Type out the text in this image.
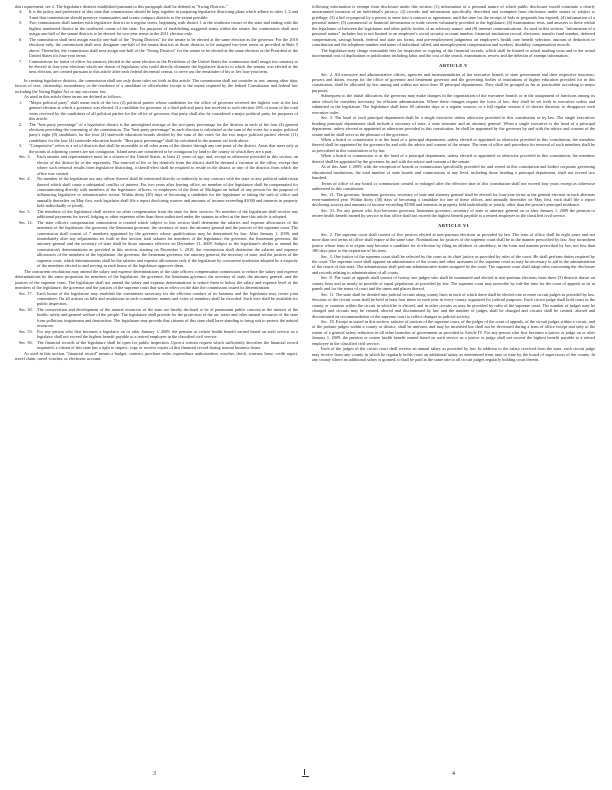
this requirement, see 2. The legislature districts established pursuant to this paragraph shall be defined as "Swing Districts."

4. It is the policy and preference of this state that commissions should be kept together in preparing legislative districting plans which adhere to rules 1, 2 and 3 and that commissions should preserve communities and create compact districts to the extent possible.

5. Two commissions shall number each legislative district in a regular series, beginning with district 1 at the southeast corner of the state and ending with the highest numbered district in the northwest corner of the state. For purposes of establishing staggered terms within the senate, the commission shall next assign one-half of the senate districts to be elected for two-year terms in the 2011 election only.

6. The commission shall next assign exactly one-half of the "Swing Districts" for the senate to be elected at the same election as the governor. For the 2010 elections only, the commission shall next designate one-half of the senate districts as those districts to be assigned two-year terms as provided in Rule 5 above. Thereafter, the commission shall next assign one-half of the "Swing Districts" for the senate to be elected at the same election as the President of the United States for four-year terms.

7. Commissions for terms of office for senators elected at the same election as the Presidents of the United States the commission shall assign two senators to be elected in four-year elections which are drawn of legislators who could directly eliminate the legislative district to which the senator was elected at the next election, are created pursuant to this article after each federal decennial census, to serve out the remainder of his or her four-year term.

In creating legislative districts, the commission shall use only those rules set forth in this article. The commission shall not consider or use, among other data, factors of race, citizenship, incumbency or the residence of a candidate or officeholder except to the extent required by the federal Constitution and federal law including the Voting Rights Act or any successor law.

As used in this article these terms are defined as follows:

1. "Major political party" shall mean each of the two (2) political parties whose candidates for the office of governor received the highest vote at the last general election at which a governor was elected. If a candidate for governor of a third political party has received at such election 20% or more of the total votes received by the candidates of all political parties for the office of governor, that party shall also be considered a major political party for purposes of this article.

2. The "best party percentage" of a legislative district is the unweighted average of the two-party percentage for the districts in each of the four (4) general elections preceding the convening of the commission. The "best party percentage" in each election is calculated as the sum of the votes for a major political party's eight (8) candidates for the four (4) statewide education boards divided by the sum of the votes for the two major political parties' eleven (11) candidates for the four (4) statewide education boards. "Best party percentage" shall be calculated in the manner set forth above.

3. "Competitive" refers to a set of districts that shall be accessible to all other areas of the district through any one point of the district. Areas that meet only at the points of adjoining corners are not contiguous. Island areas are considered to be contiguous by land to the county of which they are a part.

Sec. 3. Each senator and representative must be a citizen of the United States, at least 21 years of age, and, except as otherwise provided in this section, an elector of the district he or she represents. The removal of his or her domicile from the district shall be deemed a vacation of the office, except that where such removal results from legislative districting, a sheriff-elect shall be required to reside in the district or any of the districts from which the office was created.

Sec. 4. No member of the legislature nor any officer thereof shall be interested directly or indirectly in any contract with the state or any political subdivision thereof which shall cause a substantial conflict of interest. For two years after leaving office, no member of the legislature shall be compensated for communicating directly with members of the legislature, officers, or employees of the State of Michigan on behalf of any person for the purpose of influencing legislative or administrative action. Within thirty (30) days of becoming a candidate for the legislature or taking the oath of office and annually thereafter on May first, each legislator shall file a report disclosing sources and amounts of income exceeding $1000 and interests in property held individually or jointly.

Sec. 5. The members of the legislature shall receive no other compensation from the state for their services. No member of the legislature shall receive any additional payments for travel, lodging or other expenses other than those authorized under the statutes in effect at the time this article is adopted.

Sec. 12. The state officers compensation commission is created which subject to this section shall determine the salaries and expense allowances of the members of the legislature, the governor, the lieutenant governor, the secretary of state, the attorney general and the justices of the supreme court. The commission shall consist of 7 members appointed by the governor whose qualifications may be determined by law. After January 1, 2009, and immediately after any adjustments set forth in this section, total salaries for members of the legislature, the governor, the lieutenant governor, the attorney general and the secretary of state shall be those amounts effective on December 31, 2009. Subject to the legislature's ability to amend the commission's determinations as provided in this section, starting on December 1, 2010, the commission shall determine the salaries and expense allowances of the members of the legislature, the governor, the lieutenant governor, the attorney general, the secretary of state, and the justices of the supreme court, which determinations shall be the salaries and expense allowances only if the legislature by concurrent resolution adopted by a majority of the members elected to and serving in each house of the legislature approves them.

The concurrent resolutions may amend the salary and expense determinations of the state officers compensation commission to reduce the salary and expense determinations by the same proportion for members of the legislature, the governor, the lieutenant governor, the secretary of state, the attorney general, and the justices of the supreme court. The legislature shall not amend the salary and expense determinations to reduce them to below the salary and expense level of the members of the legislature, the governor and the justices of the supreme court that was in effect on the date the commission issued its determination.

Sec. 17. Each house of the legislature may establish the committees necessary for the efficient conduct of its business and the legislature may create joint committees. On all actions on bills and resolutions in each committee, names and votes of members shall be recorded. Such vote shall be available for public inspection.

Sec. 30. The conservation and development of the natural resources of the state are hereby declared to be of paramount public concern in the interest of the health, safety and general welfare of the people. The legislature shall provide for the protection of the air, water and other natural resources of the state from pollution, impairment and destruction. The legislature may provide that citizens of this state shall have standing to bring suit to protect the natural resources.

Sec. 53. For any person who first becomes a legislator on or after January 1, 2009, the pension or retiree health benefit earned based on such service as a legislator shall not exceed the highest benefit payable to a retired employee in the classified civil service.

Sec. 56. The financial records of the legislature shall be open for public inspection. Upon a written request which sufficiently describes the financial record requested, a citizen of this state has a right to inspect, copy or receive copies of this financial record during normal business hours.

As used in this section, "financial record" means a budget, contract, purchase order, expenditure authorization, voucher, check, warrant, lease, credit report, travel claim, travel voucher, or electronic account.

following information is exempt from disclosure under this section: (1) information of a personal nature of which public disclosure would constitute a clearly unwarranted invasion of an individual's privacy; (2) records and information specifically described and exempted from disclosure under statute or subject to privilege; (3) a bid or proposal by a person to enter into a contract or agreement, until the time for the receipt of bids or proposals has expired; (4) information of a personal nature; (5) commercial or financial information or trade secrets voluntarily provided to the legislature; (6) examination, tests, and answers to these within the legislature or between the legislature and other public bodies of an advisory nature; and (8) internal communications. As used in this section, "information of a personal nature" includes but is not limited to an employee's social security account number, financial institution record, electronic transfer fund number, deferred compensation, savings bonds, federal and state tax forms, and pre-employment judgments on employee's health care benefit selection, amount of deduction or contribution and the telephone number and name of individual called, and unemployment compensation and workers' disability compensation records.

The legislature may charge reasonable fees for inspection or copying of the financial records, which shall be limited to actual mailing costs and to the actual incremental cost of duplication or publication including labor and the cost of the search, examination, review and the deletion of exempt information.

ARTICLE V

Sec. 2. All executive and administrative offices, agencies and instrumentalities of the executive branch of state government and their respective functions, powers and duties, except for the office of governor and lieutenant governor and the governing bodies of institutions of higher education provided for in this constitution, shall be allocated by law among and within not more than 18 principal departments. They shall be grouped as far as practicable according to major purposes.

Subsequent to the initial allocation, the governor may make changes in the organization of the executive branch or in the assignment of functions among its units which he considers necessary for efficient administration. Where these changes require the force of law, they shall be set forth in executive orders and submitted to the legislature. The legislature shall have 60 calendar days of a regular session, or a full regular session if of shorter duration, to disapprove each executive order.

Sec. 3. The head of each principal department shall be a single executive unless otherwise provided in this constitution or by law. The single executives heading principal departments shall include a secretary of state, a state treasurer and an attorney general. When a single executive is the head of a principal department, unless elected or appointed as otherwise provided in this constitution, he shall be appointed by the governor by and with the advice and consent of the senate and he shall serve at the pleasure of the governor.

When a board or commission is at the head of a principal department, unless elected or appointed as otherwise provided in this constitution, the members thereof shall be appointed by the governor by and with the advice and consent of the senate. The term of office and procedure for removal of such members shall be as prescribed in this constitution or by law.

When a board or commission is at the head of a principal department, unless elected or appointed as otherwise provided in this constitution, the members thereof shall be appointed by the governor by and with the advice and consent of the senate.

As of this June 1, 2009, with the exception of boards or commissions specifically provided for and vested in this constitution and bodies corporate governing educational institutions, the total number of state boards and commissions at any level, including those heading a principal department, shall not exceed two hundred.

Terms of office of any board or commission created or enlarged after the effective date of this constitution shall not exceed four years except as otherwise authorized in this constitution.

Sec. 21. The governor, lieutenant governor, secretary of state and attorney general shall be elected for four-year terms at the general election in each alternate even-numbered year. Within thirty (30) days of becoming a candidate for one of these offices, and annually thereafter on May first, each shall file a report disclosing sources and amounts of income exceeding $1000 and interests in property held individually or jointly, other than the person's principal residence.

Sec. 31. For any person who first becomes governor, lieutenant governor, secretary of state or attorney general on or after January 1, 2009 the pension or retiree health benefit earned by service in that office shall not exceed the highest benefit payable to a retired employee in the classified civil service.

ARTICLE VI

Sec. 2. The supreme court shall consist of five justices elected at non-partisan elections as provided by law. The term of office shall be eight years and not more than two terms of office shall expire at the same time. Nominations for justices of the supreme court shall be in the manner prescribed by law. Any incumbent justice whose term is to expire may become a candidate for re-election by filing an affidavit of candidacy, in the form and manner prescribed by law, not less than 180 days prior to the expiration of his term.

Sec. 3. One justice of the supreme court shall be selected by the court as its chief justice as provided by rules of the court. He shall perform duties required by the court. The supreme court shall appoint an administrator of the courts and other assistants of the supreme court as may be necessary to aid in the administration of the courts of this state. The administrator shall perform administrative duties assigned by the court. The supreme court shall adopt rules concerning the disclosure and records relating to administration of all courts.

Sec. 8. The court of appeals shall consist of twenty one judges who shall be nominated and elected at non-partisan elections from three (3) districts drawn on county lines and as nearly as possible of equal population, as provided by law. The supreme court may prescribe by rule the time for the court of appeals to sit in panels and for the terms of court and the times and places thereof.

Sec. 11. The state shall be divided into judicial circuits along county lines in each of which there shall be elected one or more circuit judges as provided by law. Sessions of the circuit court shall be held at least four times in each year in every county organized for judicial purposes. Each circuit judge shall hold court in the county or counties within the circuit in which he is elected, and in other circuits as may be provided by rules of the supreme court. The number of judges may be changed and circuits may be created, altered and discontinued by law and the number of judges shall be changed and circuits shall be created, altered and discontinued on recommendation of the supreme court to reflect changes in judicial activity.

Sec. 18. Except as stated in this section, salaries of justices of the supreme court, of the judges of the court of appeals, of the circuit judges within a circuit, and of the probate judges within a county or district, shall be uniform, and may be increased but shall not be decreased during a term of office except and only to the extent of a general salary reduction in all other branches of government as provided in Article IV. For any person who first becomes a justice or judge on or after January 1, 2009, the pension or retiree health benefit earned based on such service as a justice or judge shall not exceed the highest benefit payable to a retired employee in the classified civil service.

Each of the judges of the circuit court shall receive an annual salary as provided by law. In addition to the salary received from the state, each circuit judge may receive from any county in which he regularly holds court an additional salary as determined from time to time by the board of supervisors of the county. In any county where an additional salary is granted, it shall be paid at the same rate to all circuit judges regularly holding court therein.

3	4
